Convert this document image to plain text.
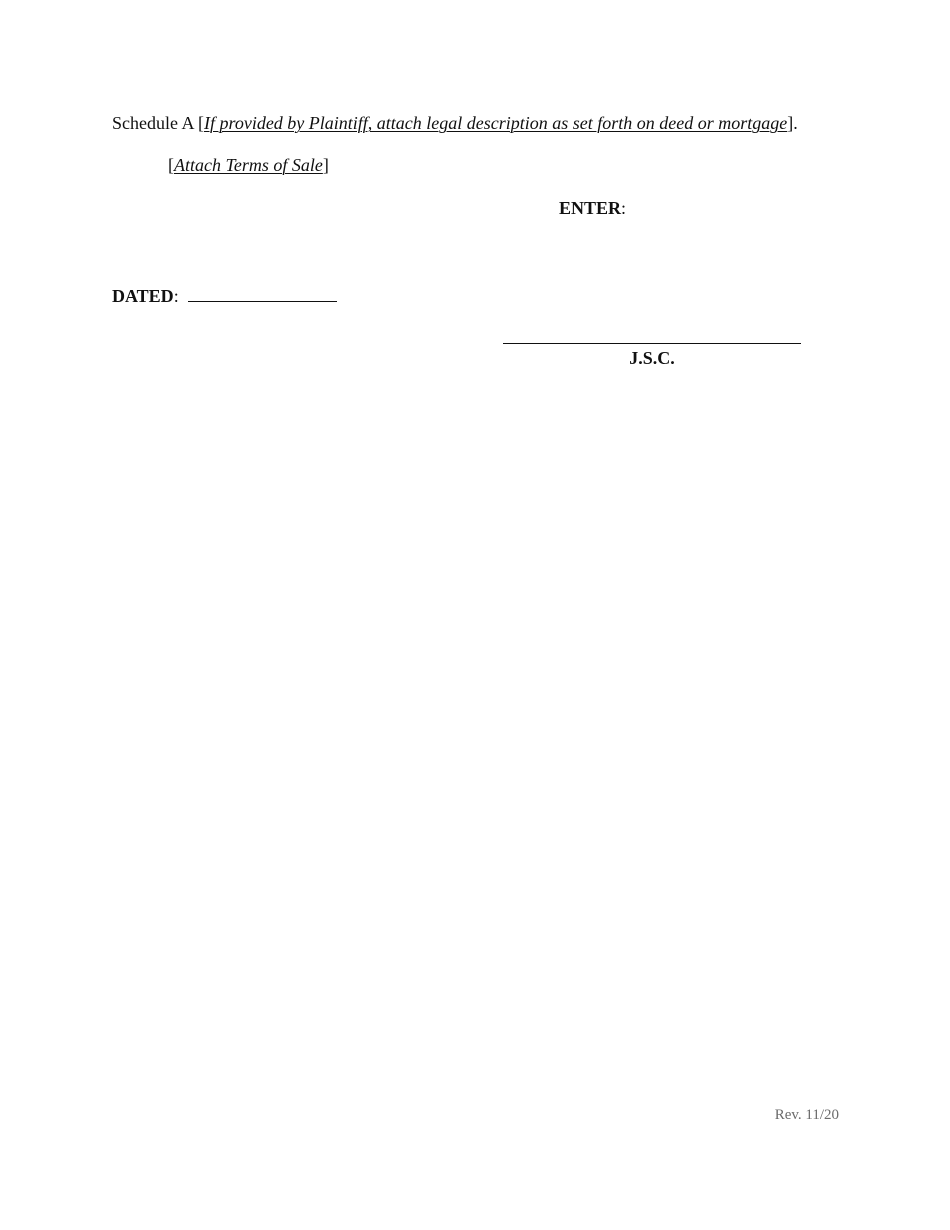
Schedule A [If provided by Plaintiff, attach legal description as set forth on deed or mortgage].
[Attach Terms of Sale]
ENTER:
DATED:
J.S.C.
Rev. 11/20
